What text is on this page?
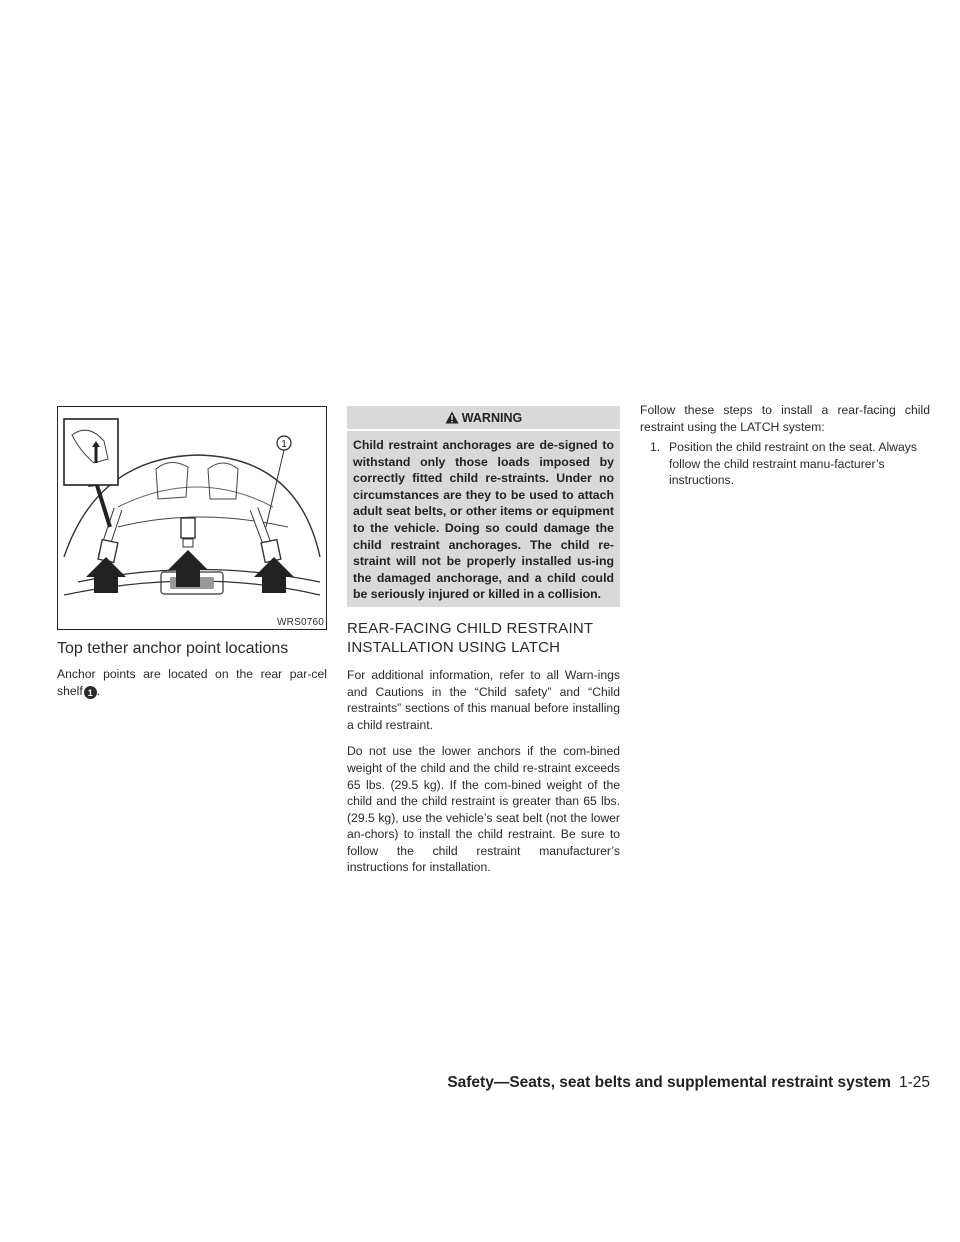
1
WRS0760
Top tether anchor point locations

Anchor points are located on the rear par-cel shelf 1 .

WARNING
Child restraint anchorages are de-signed to withstand only those loads imposed by correctly fitted child re-straints. Under no circumstances are they to be used to attach adult seat belts, or other items or equipment to the vehicle. Doing so could damage the child restraint anchorages. The child re-straint will not be properly installed us-ing the damaged anchorage, and a child could be seriously injured or killed in a collision.
REAR-FACING CHILD RESTRAINT INSTALLATION USING LATCH

For additional information, refer to all Warn-ings and Cautions in the “Child safety” and “Child restraints” sections of this manual before installing a child restraint.

Do not use the lower anchors if the com-bined weight of the child and the child re-straint exceeds 65 lbs. (29.5 kg). If the com-bined weight of the child and the child restraint is greater than 65 lbs. (29.5 kg), use the vehicle’s seat belt (not the lower an-chors) to install the child restraint. Be sure to follow the child restraint manufacturer’s instructions for installation.

Follow these steps to install a rear-facing child restraint using the LATCH system:

1. Position the child restraint on the seat. Always follow the child restraint manu-facturer’s instructions.
Safety—Seats, seat belts and supplemental restraint system 1-25
